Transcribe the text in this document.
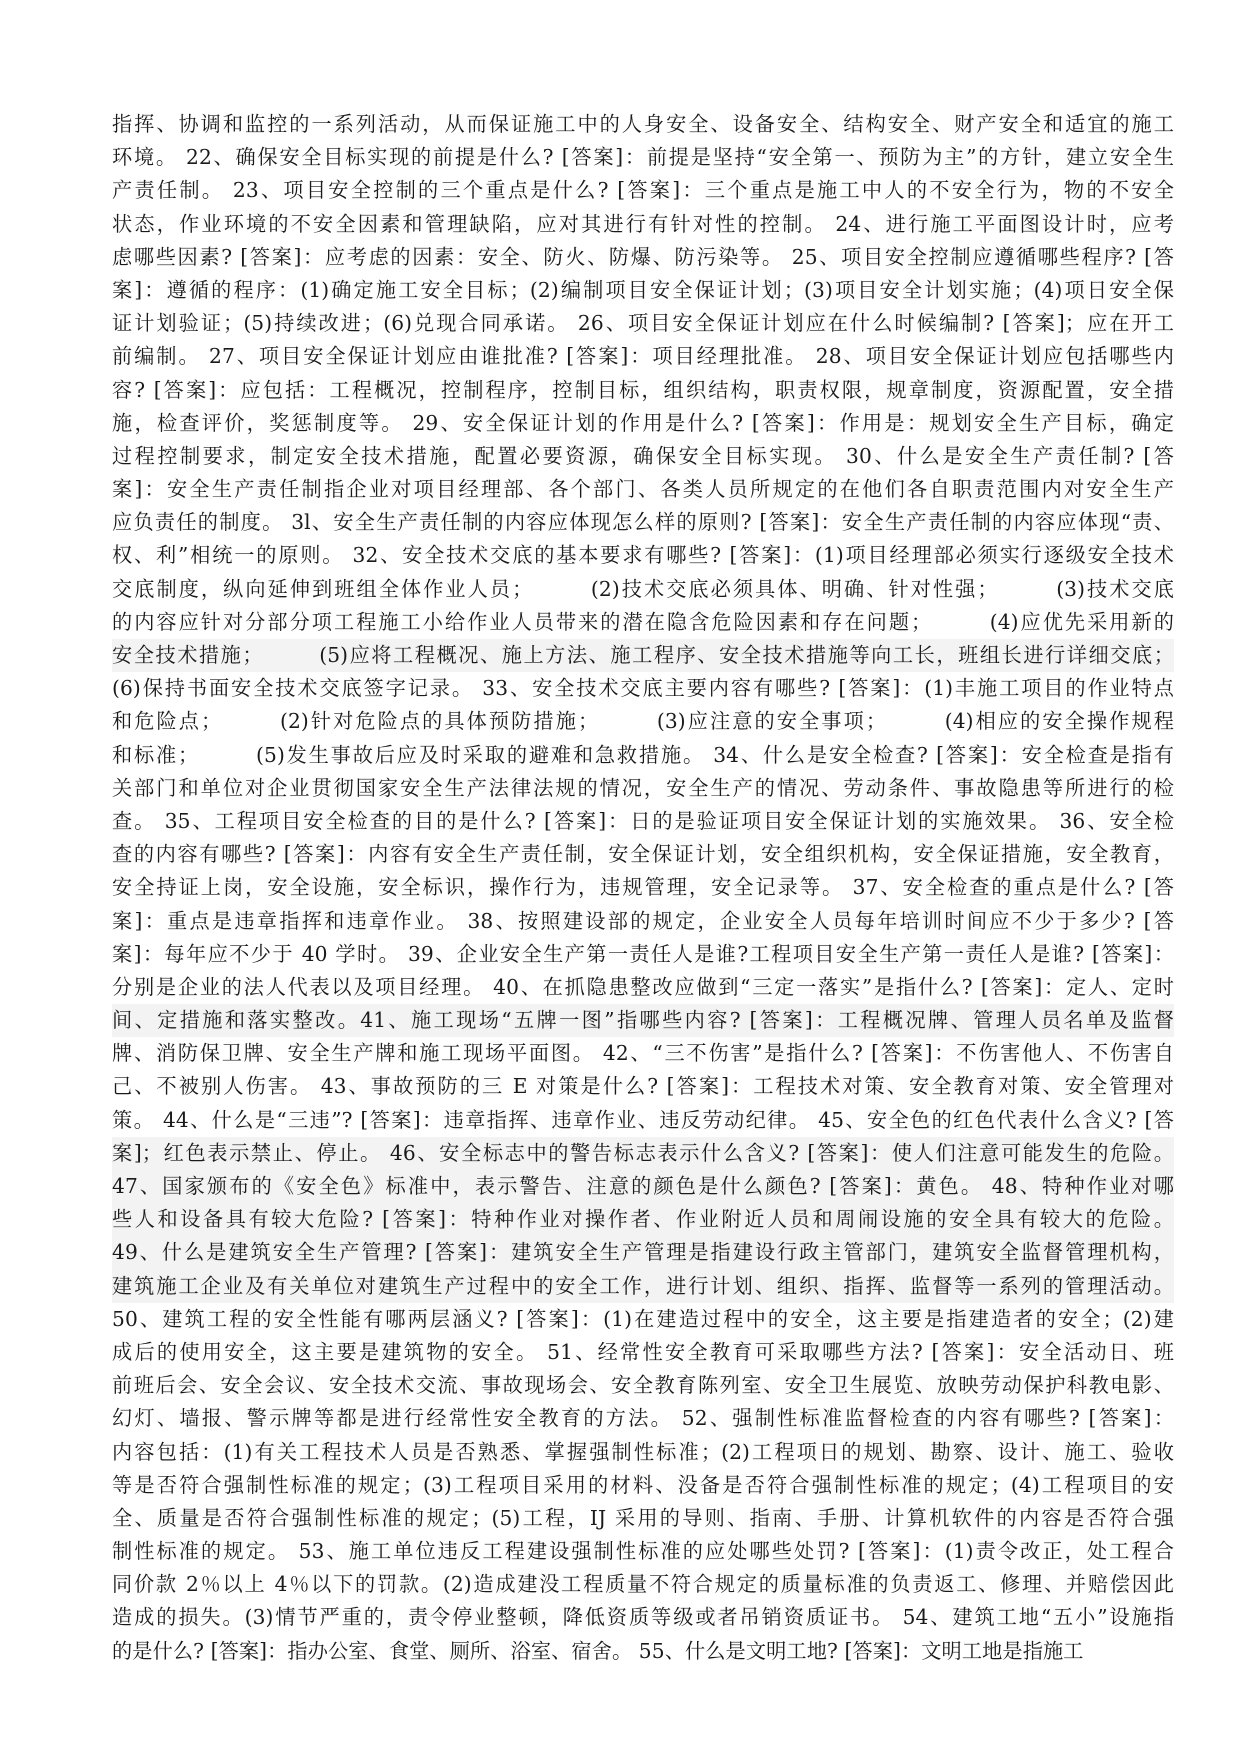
指挥、协调和监控的一系列活动，从而保证施工中的人身安全、设备安全、结构安全、财产安全和适宜的施工
环境。 22、确保安全目标实现的前提是什么? [答案]：前提是坚持“安全第一、预防为主”的方针，建立安全生
产责任制。 23、项目安全控制的三个重点是什么? [答案]：三个重点是施工中人的不安全行为，物的不安全
状态，作业环境的不安全因素和管理缺陷，应对其进行有针对性的控制。 24、进行施工平面图设计时，应考
虑哪些因素? [答案]：应考虑的因素：安全、防火、防爆、防污染等。 25、项目安全控制应遵循哪些程序? [答
案]：遵循的程序：(1)确定施工安全目标；(2)编制项目安全保证计划；(3)项目安全计划实施；(4)项日安全保
证计划验证；(5)持续改进；(6)兑现合同承诺。 26、项目安全保证计划应在什么时候编制? [答案]；应在开工
前编制。 27、项目安全保证计划应由谁批准? [答案]：项目经理批准。 28、项目安全保证计划应包括哪些内
容? [答案]：应包括：工程概况，控制程序，控制目标，组织结构，职责权限，规章制度，资源配置，安全措
施，检查评价，奖惩制度等。 29、安全保证计划的作用是什么? [答案]：作用是：规划安全生产目标，确定
过程控制要求，制定安全技术措施，配置必要资源，确保安全目标实现。 30、什么是安全生产责任制? [答
案]：安全生产责任制指企业对项目经理部、各个部门、各类人员所规定的在他们各自职责范围内对安全生产
应负责任的制度。 3l、安全生产责任制的内容应体现怎么样的原则? [答案]：安全生产责任制的内容应体现“责、
权、利”相统一的原则。 32、安全技术交底的基本要求有哪些? [答案]：(1)项目经理部必须实行逐级安全技术
交底制度，纵向延伸到班组全体作业人员；　　　(2)技术交底必须具体、明确、针对性强；　　　(3)技术交底
的内容应针对分部分项工程施工小给作业人员带来的潜在隐含危险因素和存在问题；　　　(4)应优先采用新的
安全技术措施；　　　(5)应将工程概况、施上方法、施工程序、安全技术措施等向工长，班组长进行详细交底；
(6)保持书面安全技术交底签字记录。 33、安全技术交底主要内容有哪些? [答案]：(1)丰施工项目的作业特点
和危险点；　　　(2)针对危险点的具体预防措施；　　　(3)应注意的安全事项；　　　(4)相应的安全操作规程
和标准；　　　(5)发生事故后应及时采取的避难和急救措施。 34、什么是安全检查? [答案]：安全检查是指有
关部门和单位对企业贯彻国家安全生产法律法规的情况，安全生产的情况、劳动条件、事故隐患等所进行的检
查。 35、工程项目安全检查的目的是什么? [答案]：日的是验证项目安全保证计划的实施效果。 36、安全检
查的内容有哪些? [答案]：内容有安全生产责任制，安全保证计划，安全组织机构，安全保证措施，安全教育，
安全持证上岗，安全设施，安全标识，操作行为，违规管理，安全记录等。 37、安全检查的重点是什么? [答
案]：重点是违章指挥和违章作业。 38、按照建设部的规定，企业安全人员每年培训时间应不少于多少? [答
案]：每年应不少于 40 学时。 39、企业安全生产第一责任人是谁?工程项目安全生产第一责任人是谁? [答案]：
分别是企业的法人代表以及项目经理。 40、在抓隐患整改应做到“三定一落实”是指什么? [答案]：定人、定时
间、定措施和落实整改。41、施工现场“五牌一图”指哪些内容? [答案]：工程概况牌、管理人员名单及监督
牌、消防保卫牌、安全生产牌和施工现场平面图。 42、“三不伤害”是指什么? [答案]：不伤害他人、不伤害自
己、不被别人伤害。 43、事故预防的三 E 对策是什么? [答案]：工程技术对策、安全教育对策、安全管理对
策。 44、什么是“三违”? [答案]：违章指挥、违章作业、违反劳动纪律。 45、安全色的红色代表什么含义? [答
案]；红色表示禁止、停止。 46、安全标志中的警告标志表示什么含义? [答案]：使人们注意可能发生的危险。
47、国家颁布的《安全色》标准中，表示警告、注意的颜色是什么颜色? [答案]：黄色。 48、特种作业对哪
些人和设备具有较大危险? [答案]：特种作业对操作者、作业附近人员和周闹设施的安全具有较大的危险。
49、什么是建筑安全生产管理? [答案]：建筑安全生产管理是指建设行政主管部门，建筑安全监督管理机构，
建筑施工企业及有关单位对建筑生产过程中的安全工作，进行计划、组织、指挥、监督等一系列的管理活动。
50、建筑工程的安全性能有哪两层涵义? [答案]：(1)在建造过程中的安全，这主要是指建造者的安全；(2)建
成后的使用安全，这主要是建筑物的安全。 51、经常性安全教育可采取哪些方法? [答案]：安全活动日、班
前班后会、安全会议、安全技术交流、事故现场会、安全教育陈列室、安全卫生展览、放映劳动保护科教电影、
幻灯、墙报、警示牌等都是进行经常性安全教育的方法。 52、强制性标准监督检查的内容有哪些? [答案]：
内容包括：(1)有关工程技术人员是否熟悉、掌握强制性标准；(2)工程项日的规划、勘察、设计、施工、验收
等是否符合强制性标准的规定；(3)工程项目采用的材料、没备是否符合强制性标准的规定；(4)工程项目的安
全、质量是否符合强制性标准的规定；(5)工程，IJ 采用的导则、指南、手册、计算机软件的内容是否符合强
制性标准的规定。 53、施工单位违反工程建设强制性标准的应处哪些处罚? [答案]：(1)责令改正，处工程合
同价款 2％以上 4％以下的罚款。(2)造成建没工程质量不符合规定的质量标准的负责返工、修理、并赔偿因此
造成的损失。(3)情节严重的，责令停业整顿，降低资质等级或者吊销资质证书。 54、建筑工地“五小”设施指
的是什么? [答案]：指办公室、食堂、厕所、浴室、宿舍。 55、什么是文明工地? [答案]：文明工地是指施工
